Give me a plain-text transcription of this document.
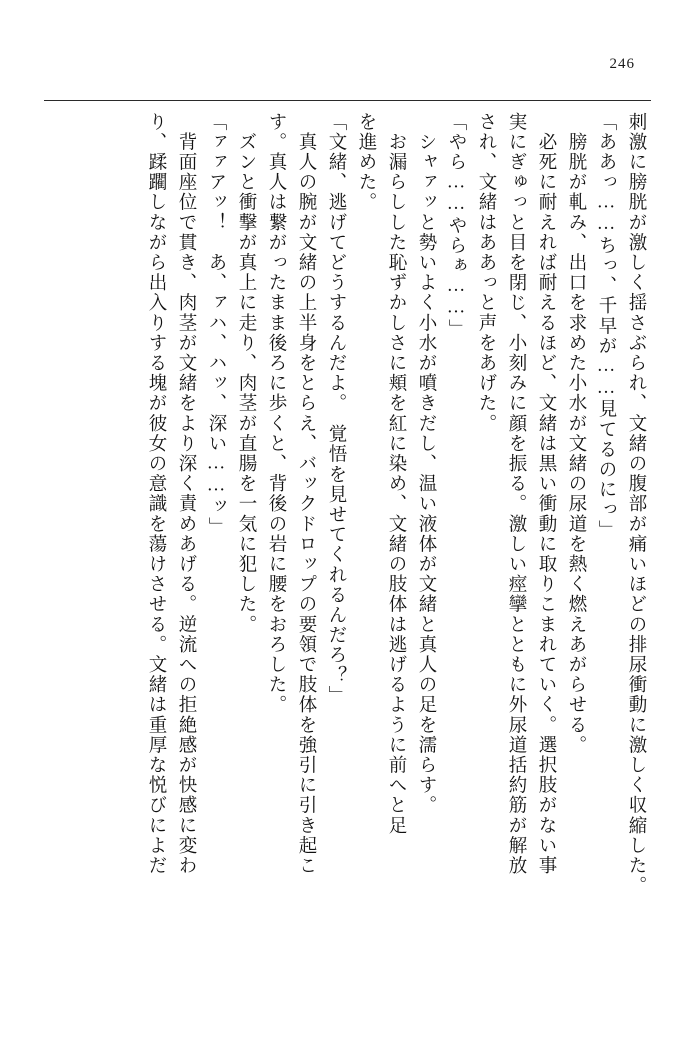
246
刺激に膀胱が激しく揺さぶられ、文緒の腹部が痛いほどの排尿衝動に激しく収縮した。
「ああっ……ちっ、千早が……見てるのにっ」
　膀胱が軋み、出口を求めた小水が文緒の尿道を熱く燃えあがらせる。
　必死に耐えれば耐えるほど、文緒は黒い衝動に取りこまれていく。選択肢がない事
実にぎゅっと目を閉じ、小刻みに顔を振る。激しい痙攣とともに外尿道括約筋が解放
され、文緒はああっと声をあげた。
「やら……やらぁ……」
　シャァッと勢いよく小水が噴きだし、温い液体が文緒と真人の足を濡らす。
　お漏らしした恥ずかしさに頬を紅に染め、文緒の肢体は逃げるように前へと足
を進めた。
「文緒、逃げてどうするんだよ。　覚悟を見せてくれるんだろ？」
　真人の腕が文緒の上半身をとらえ、バックドロップの要領で肢体を強引に引き起こ
す。真人は繋がったまま後ろに歩くと、背後の岩に腰をおろした。
　ズンと衝撃が真上に走り、肉茎が直腸を一気に犯した。
「ァァアッ！　あ、ァハ、ハッ、深い……ッ」
　背面座位で貫き、肉茎が文緒をより深く責めあげる。逆流への拒絶感が快感に変わ
り、蹂躙しながら出入りする塊が彼女の意識を蕩けさせる。文緒は重厚な悦びによだ
